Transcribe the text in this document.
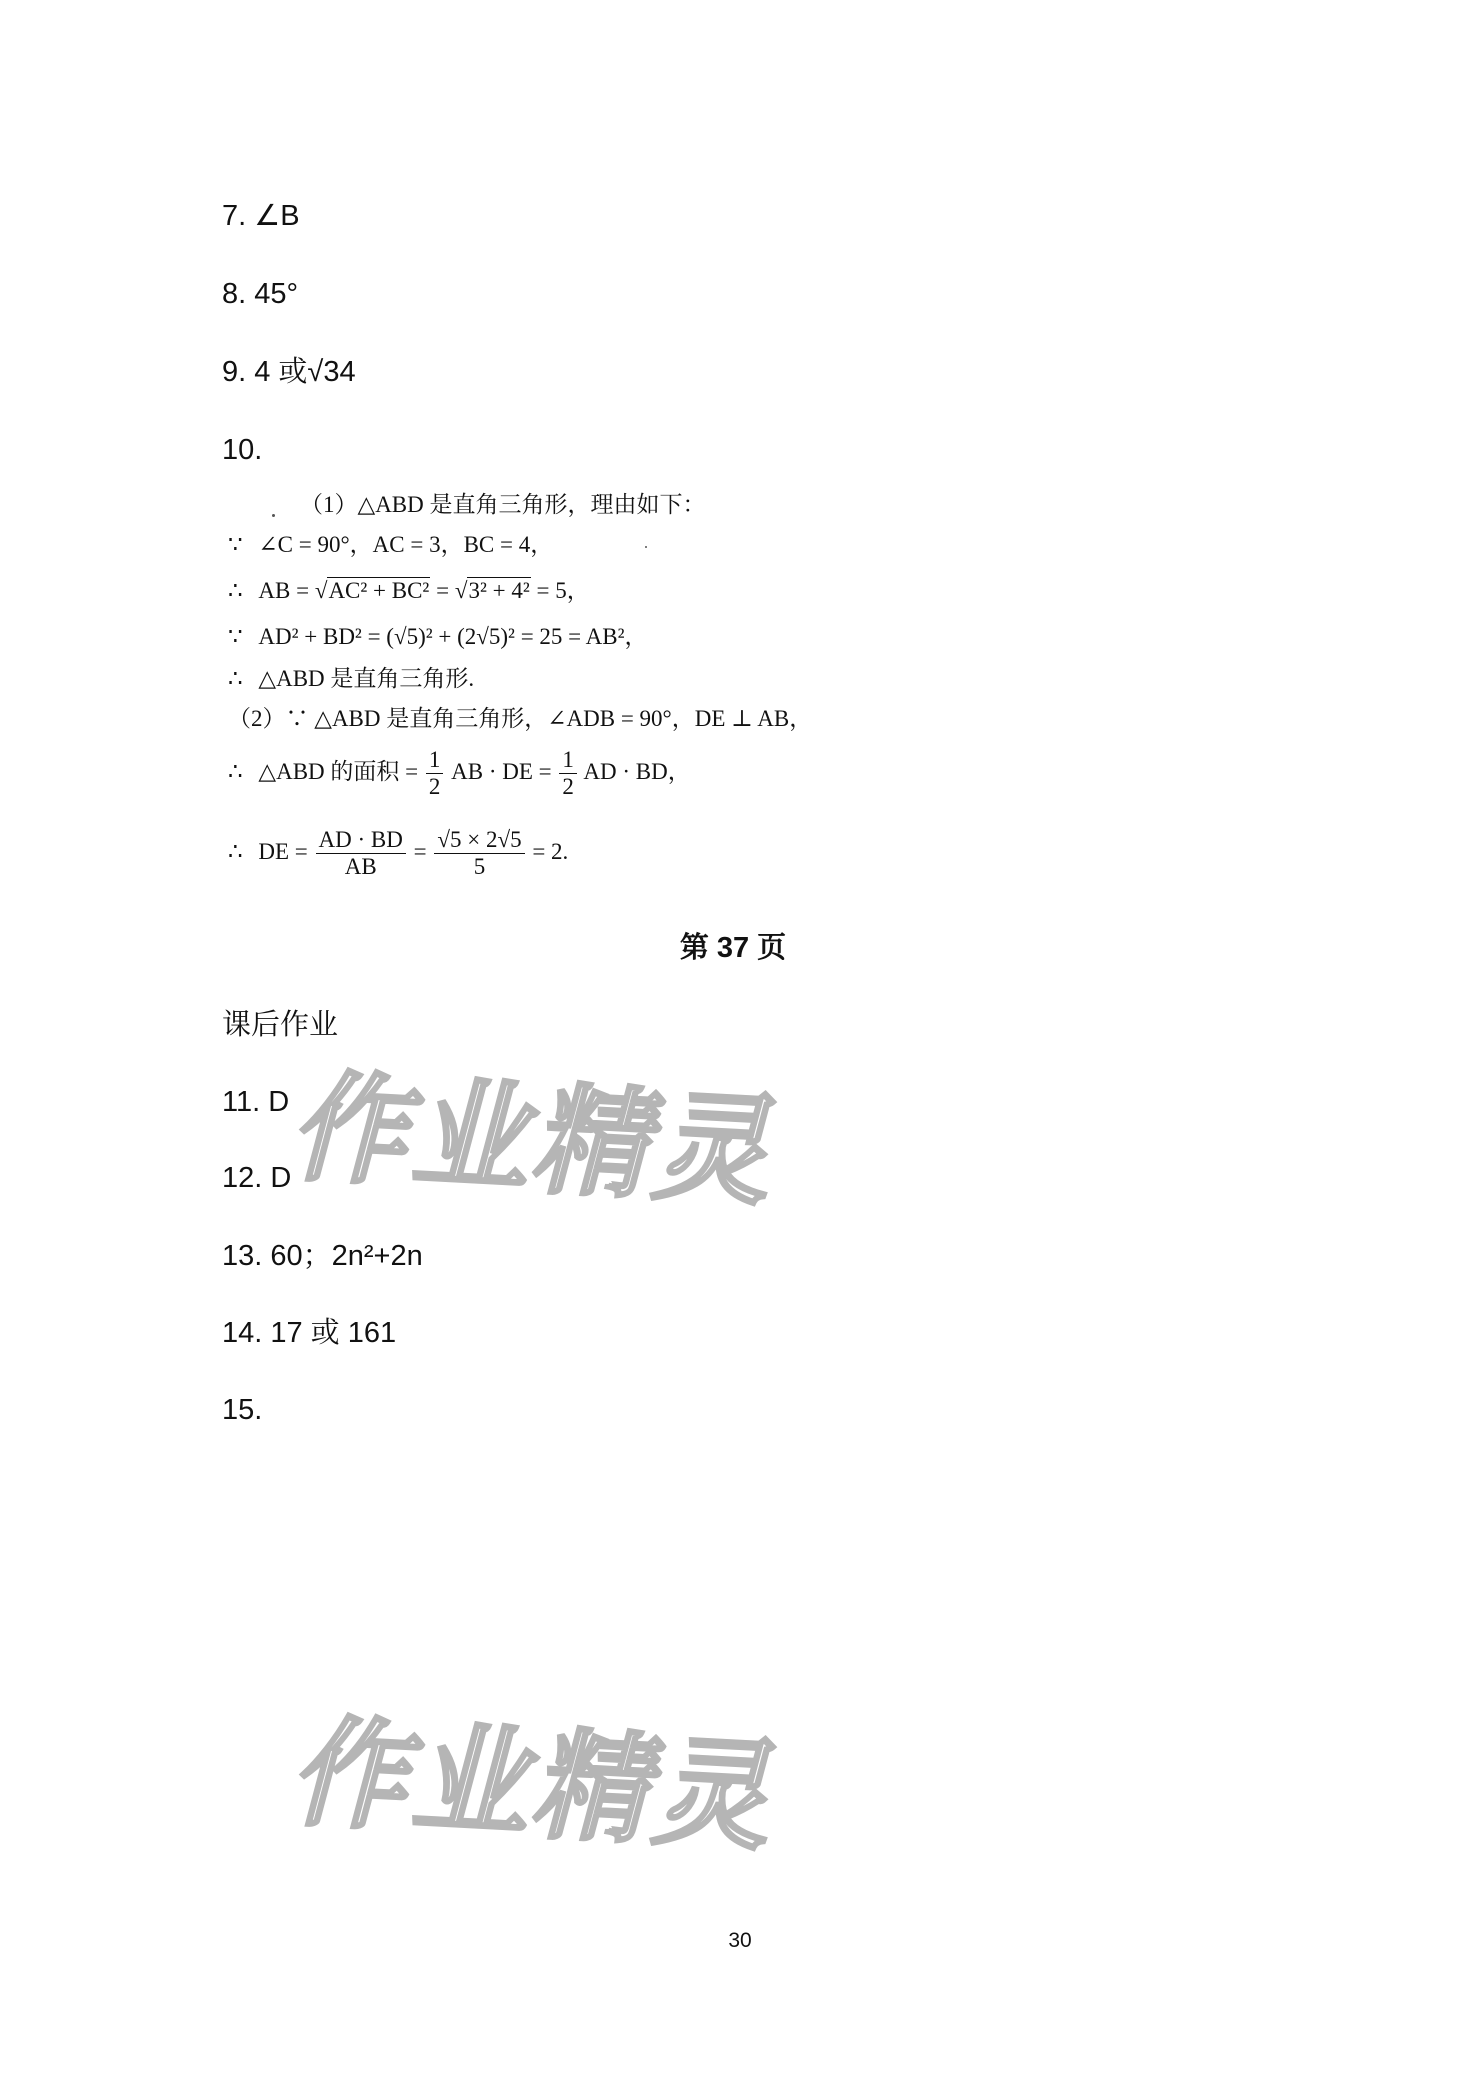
7. ∠B
8. 45°
9. 4 或√34
10.
（1）△ABD 是直角三角形，理由如下：
∵ ∠C = 90°，AC = 3，BC = 4，
∴ AB = √AC² + BC² = √3² + 4² = 5，
∵ AD² + BD² = (√5)² + (2√5)² = 25 = AB²，
∴ △ABD 是直角三角形.
（2）∵ △ABD 是直角三角形，∠ADB = 90°，DE ⊥ AB，
∴ △ABD 的面积 = $\frac{1}{2}$ AB · DE = $\frac{1}{2}$ AD · BD，
∴ DE = $\frac{AD \cdot BD}{AB} = \frac{√5 \times 2√5}{5} = 2$.
第 37 页
课后作业
11. D
12. D
13. 60；2n²+2n
14. 17 或 161
15.
作业精灵
作业精灵
30
